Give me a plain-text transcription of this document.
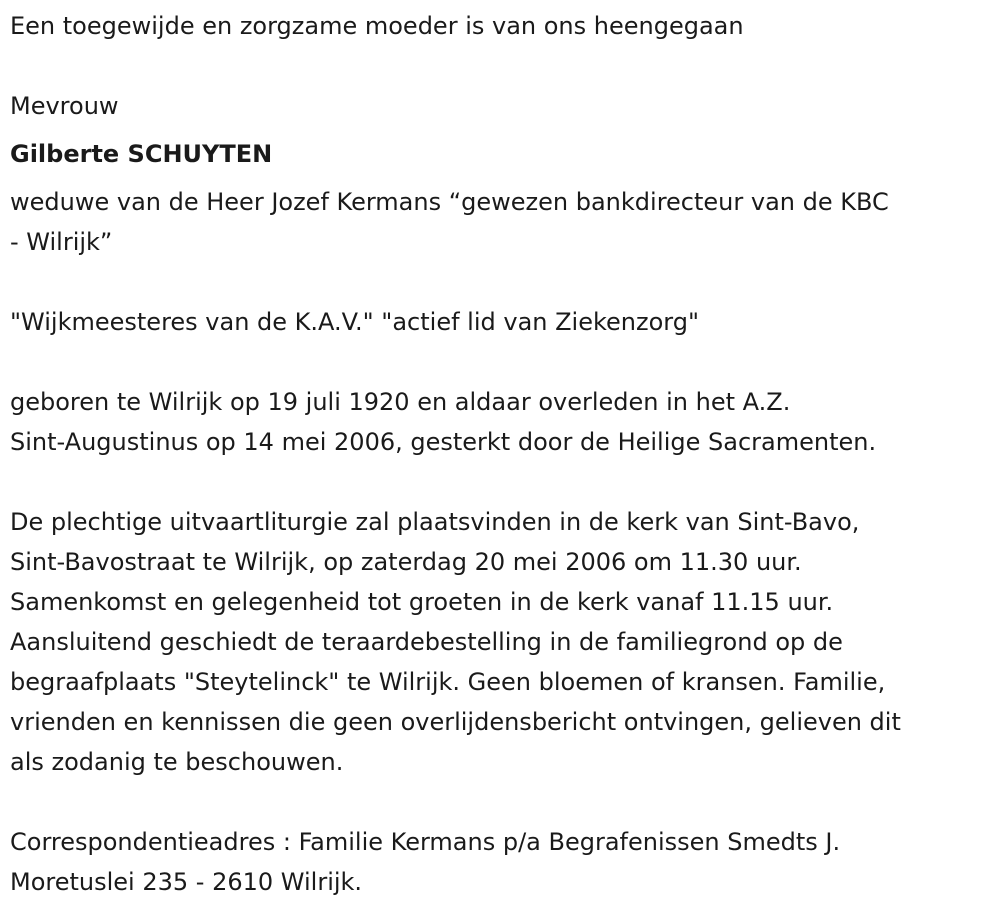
Een toegewijde en zorgzame moeder is van ons heengegaan

Mevrouw

Gilberte SCHUYTEN

weduwe van de Heer Jozef Kermans “gewezen bankdirecteur van de KBC

- Wilrijk”

"Wijkmeesteres van de K.A.V." "actief lid van Ziekenzorg"

geboren te Wilrijk op 19 juli 1920 en aldaar overleden in het A.Z.

Sint-Augustinus op 14 mei 2006, gesterkt door de Heilige Sacramenten.

De plechtige uitvaartliturgie zal plaatsvinden in de kerk van Sint-Bavo,

Sint-Bavostraat te Wilrijk, op zaterdag 20 mei 2006 om 11.30 uur.

Samenkomst en gelegenheid tot groeten in de kerk vanaf 11.15 uur.

Aansluitend geschiedt de teraardebestelling in de familiegrond op de

begraafplaats "Steytelinck" te Wilrijk. Geen bloemen of kransen. Familie,

vrienden en kennissen die geen overlijdensbericht ontvingen, gelieven dit

als zodanig te beschouwen.

Correspondentieadres : Familie Kermans p/a Begrafenissen Smedts J.

Moretuslei 235 - 2610 Wilrijk.
